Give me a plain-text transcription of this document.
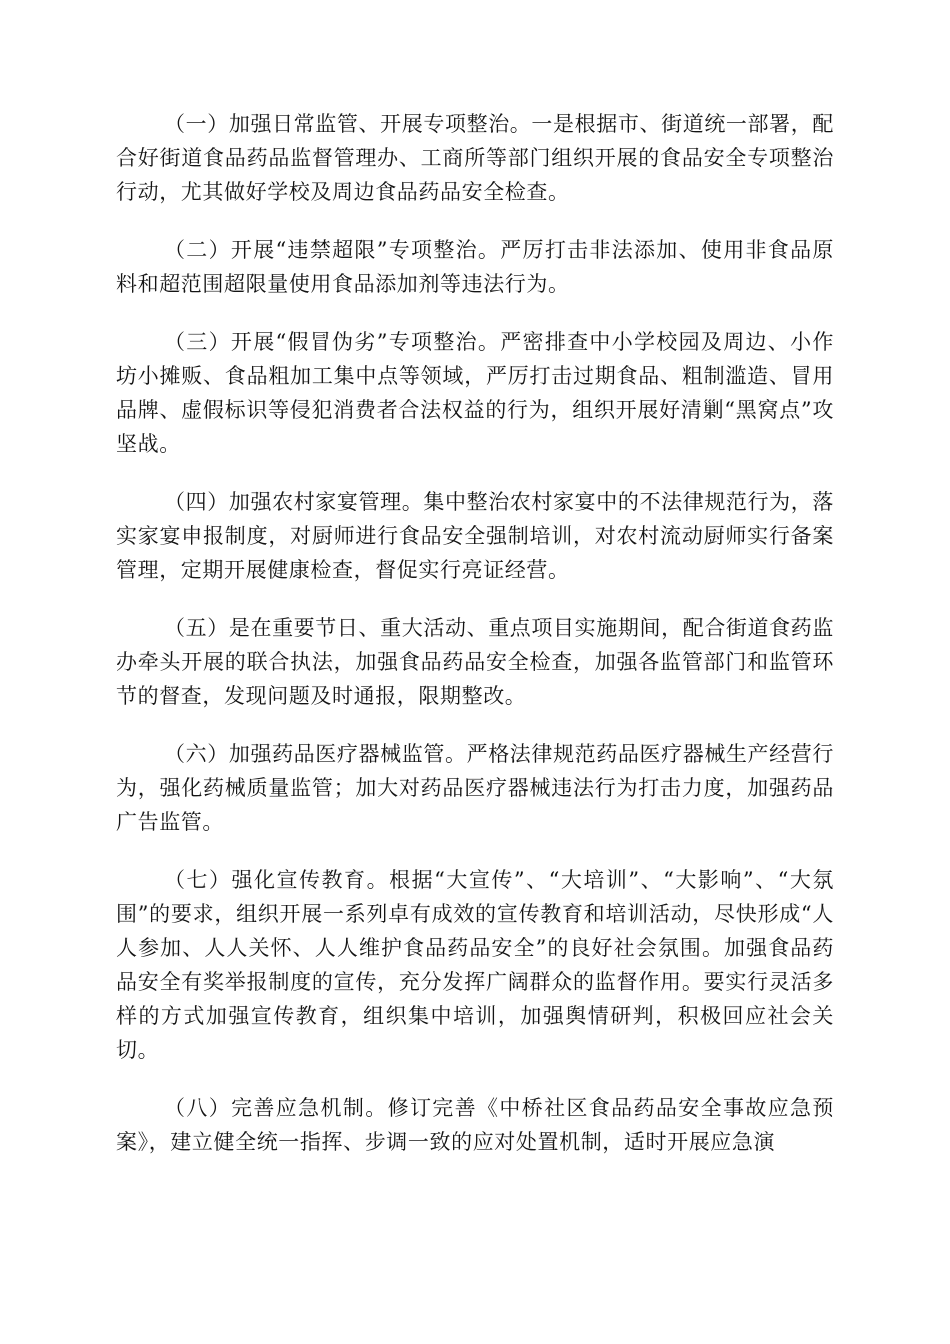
（一）加强日常监管、开展专项整治。一是根据市、街道统一部署，配合好街道食品药品监督管理办、工商所等部门组织开展的食品安全专项整治行动，尤其做好学校及周边食品药品安全检查。

（二）开展“违禁超限”专项整治。严厉打击非法添加、使用非食品原料和超范围超限量使用食品添加剂等违法行为。

（三）开展“假冒伪劣”专项整治。严密排查中小学校园及周边、小作坊小摊贩、食品粗加工集中点等领域，严厉打击过期食品、粗制滥造、冒用品牌、虚假标识等侵犯消费者合法权益的行为，组织开展好清剿“黑窝点”攻坚战。

（四）加强农村家宴管理。集中整治农村家宴中的不法律规范行为，落实家宴申报制度，对厨师进行食品安全强制培训，对农村流动厨师实行备案管理，定期开展健康检查，督促实行亮证经营。

（五）是在重要节日、重大活动、重点项目实施期间，配合街道食药监办牵头开展的联合执法，加强食品药品安全检查，加强各监管部门和监管环节的督查，发现问题及时通报，限期整改。

（六）加强药品医疗器械监管。严格法律规范药品医疗器械生产经营行为，强化药械质量监管；加大对药品医疗器械违法行为打击力度，加强药品广告监管。

（七）强化宣传教育。根据“大宣传”、“大培训”、“大影响”、“大氛围”的要求，组织开展一系列卓有成效的宣传教育和培训活动，尽快形成“人人参加、人人关怀、人人维护食品药品安全”的良好社会氛围。加强食品药品安全有奖举报制度的宣传，充分发挥广阔群众的监督作用。要实行灵活多样的方式加强宣传教育，组织集中培训，加强舆情研判，积极回应社会关切。

（八）完善应急机制。修订完善《中桥社区食品药品安全事故应急预案》，建立健全统一指挥、步调一致的应对处置机制，适时开展应急演
